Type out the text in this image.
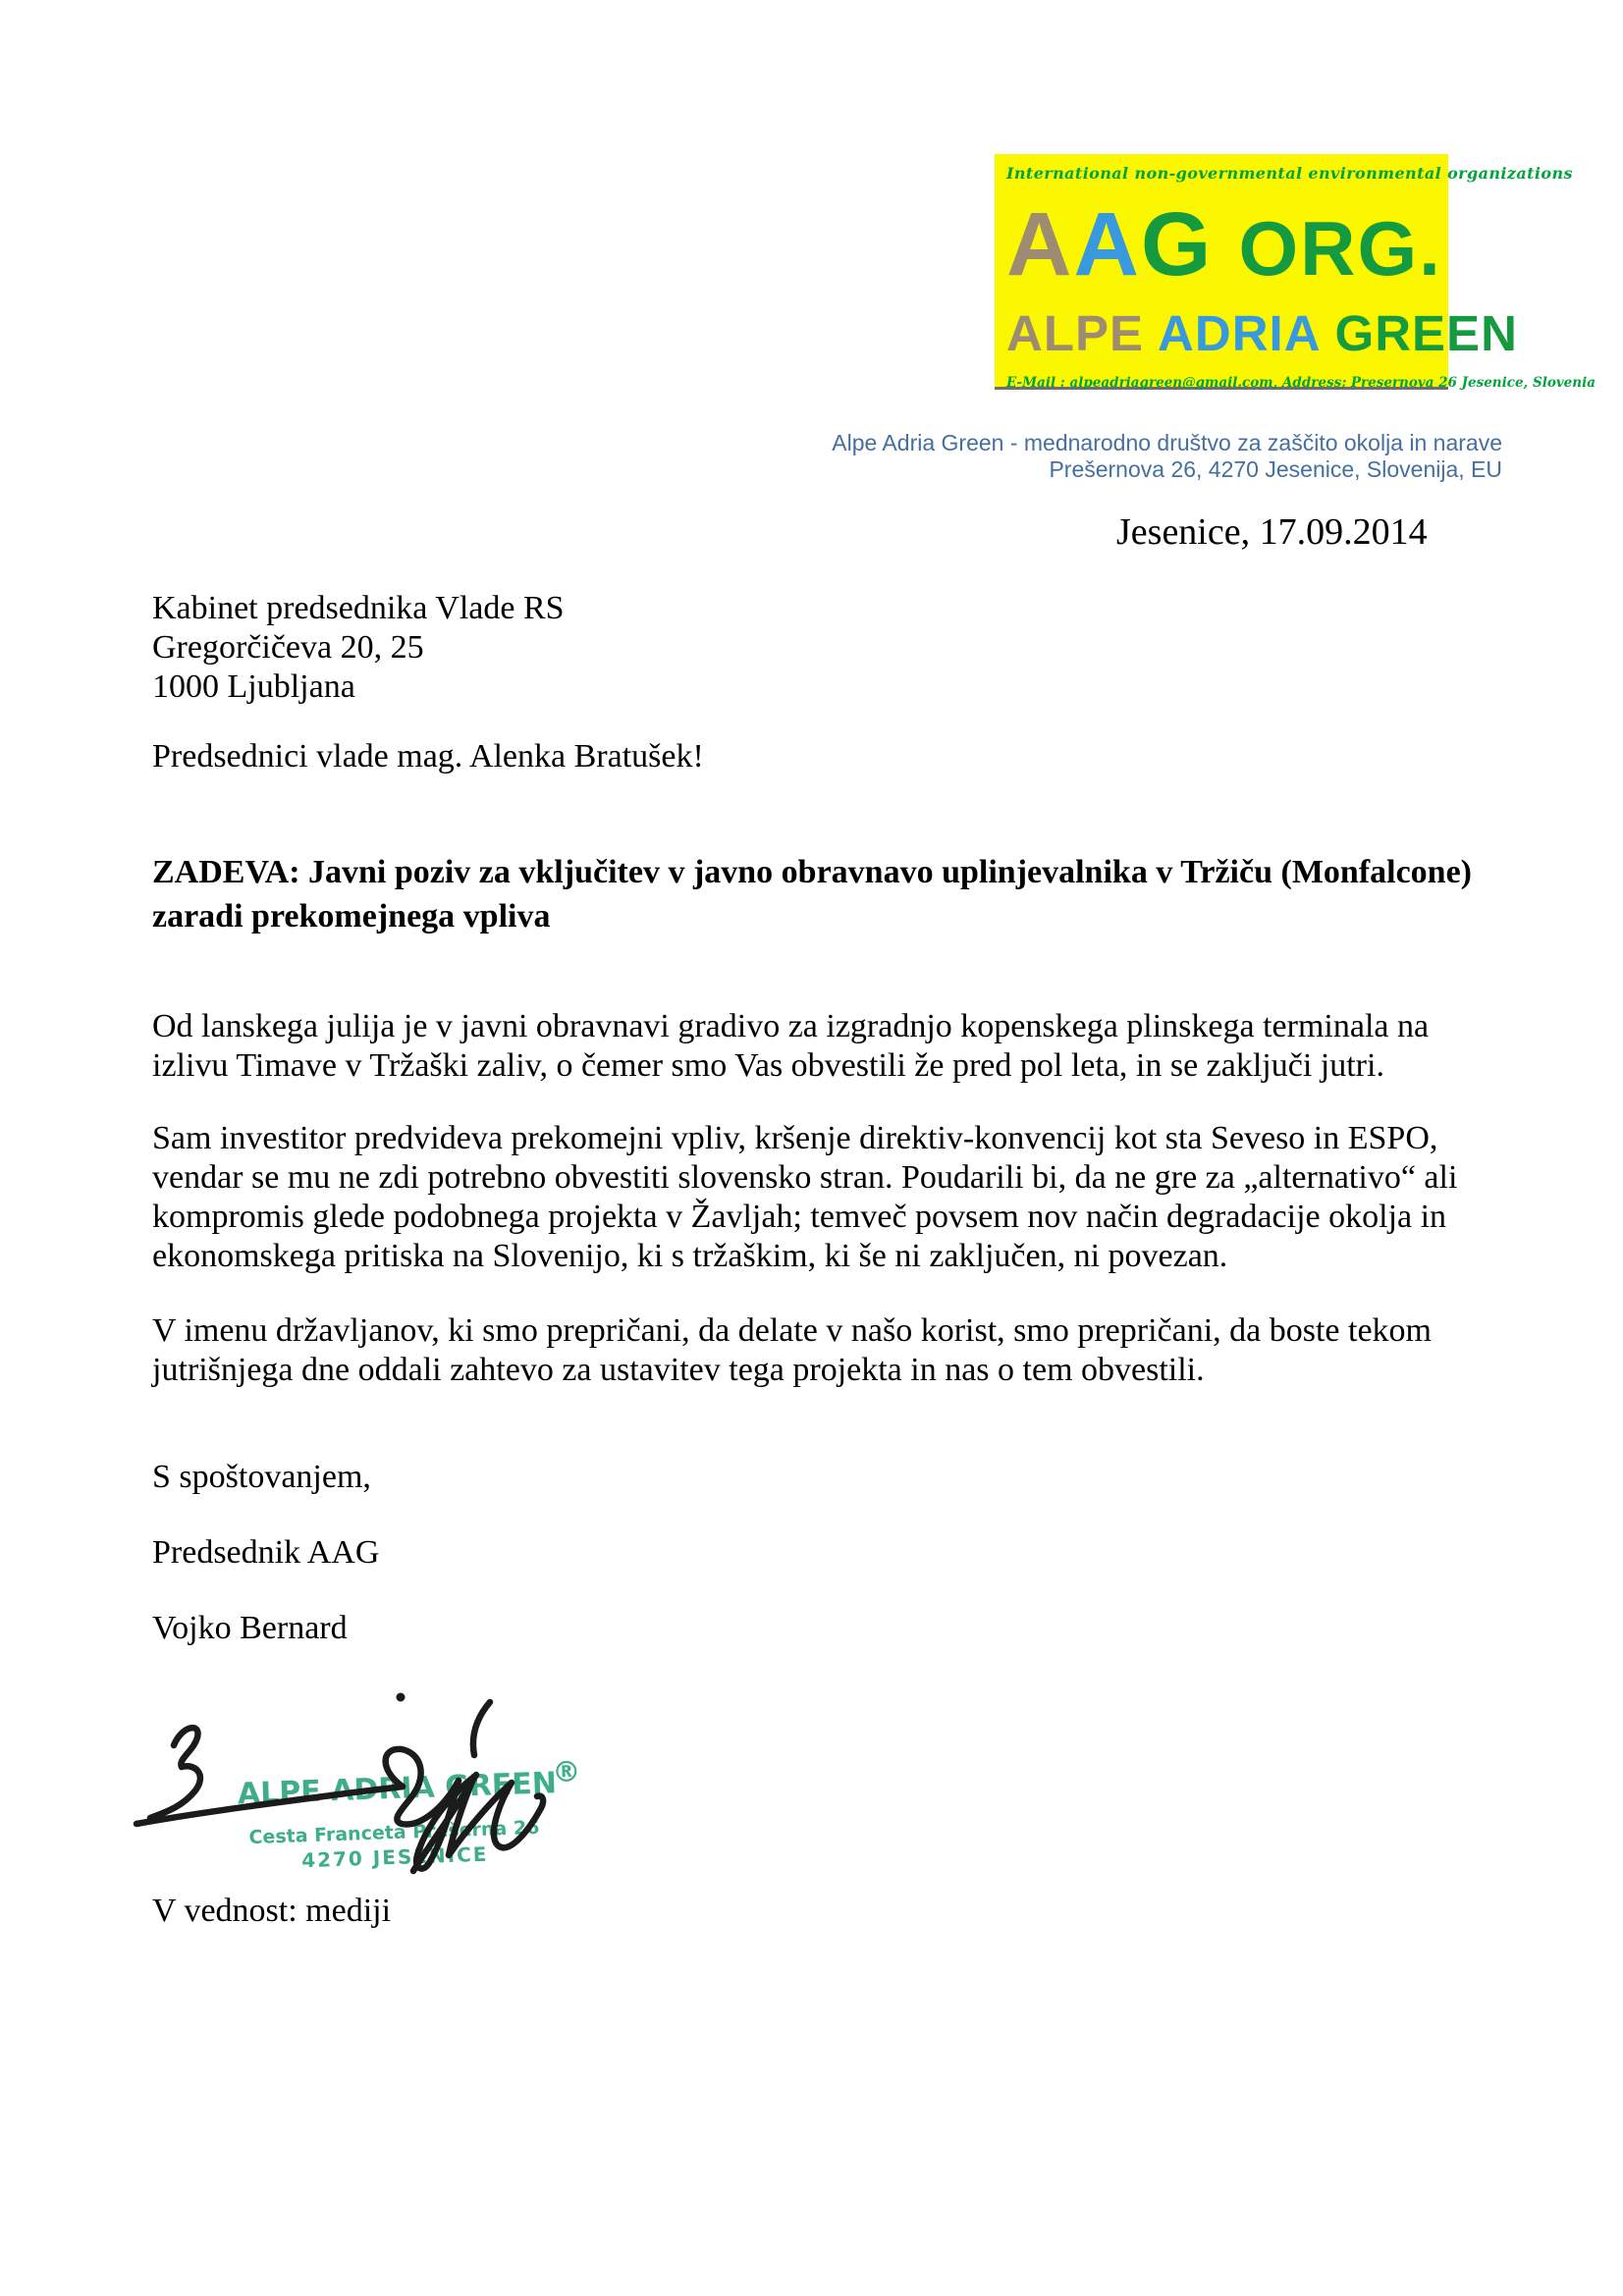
International non-governmental environmental organizations
AAG ORG.
ALPE ADRIA GREEN
E-Mail : alpeadriagreen@gmail.com, Address; Presernova 26 Jesenice, Slovenia
Alpe Adria Green - mednarodno društvo za zaščito okolja in narave
Prešernova 26, 4270 Jesenice, Slovenija, EU
Jesenice, 17.09.2014
Kabinet predsednika Vlade RS
Gregorčičeva 20, 25
1000 Ljubljana
Predsednici vlade mag. Alenka Bratušek!
ZADEVA: Javni poziv za vključitev v javno obravnavo uplinjevalnika v Tržiču (Monfalcone)
zaradi prekomejnega vpliva
Od lanskega julija je v javni obravnavi gradivo za izgradnjo kopenskega plinskega terminala na
izlivu Timave v Tržaški zaliv, o čemer smo Vas obvestili že pred pol leta, in se zaključi jutri.
Sam investitor predvideva prekomejni vpliv, kršenje direktiv-konvencij kot sta Seveso in ESPO,
vendar se mu ne zdi potrebno obvestiti slovensko stran. Poudarili bi, da ne gre za „alternativo“ ali
kompromis glede podobnega projekta v Žavljah; temveč povsem nov način degradacije okolja in
ekonomskega pritiska na Slovenijo, ki s tržaškim, ki še ni zaključen, ni povezan.
V imenu državljanov, ki smo prepričani, da delate v našo korist, smo prepričani, da boste tekom
jutrišnjega dne oddali zahtevo za ustavitev tega projekta in nas o tem obvestili.
S spoštovanjem,
Predsednik AAG
Vojko Bernard
ALPE ADRIA GREEN
®
Cesta Franceta Prešerna 26
4270 JESENICE
V vednost: mediji
